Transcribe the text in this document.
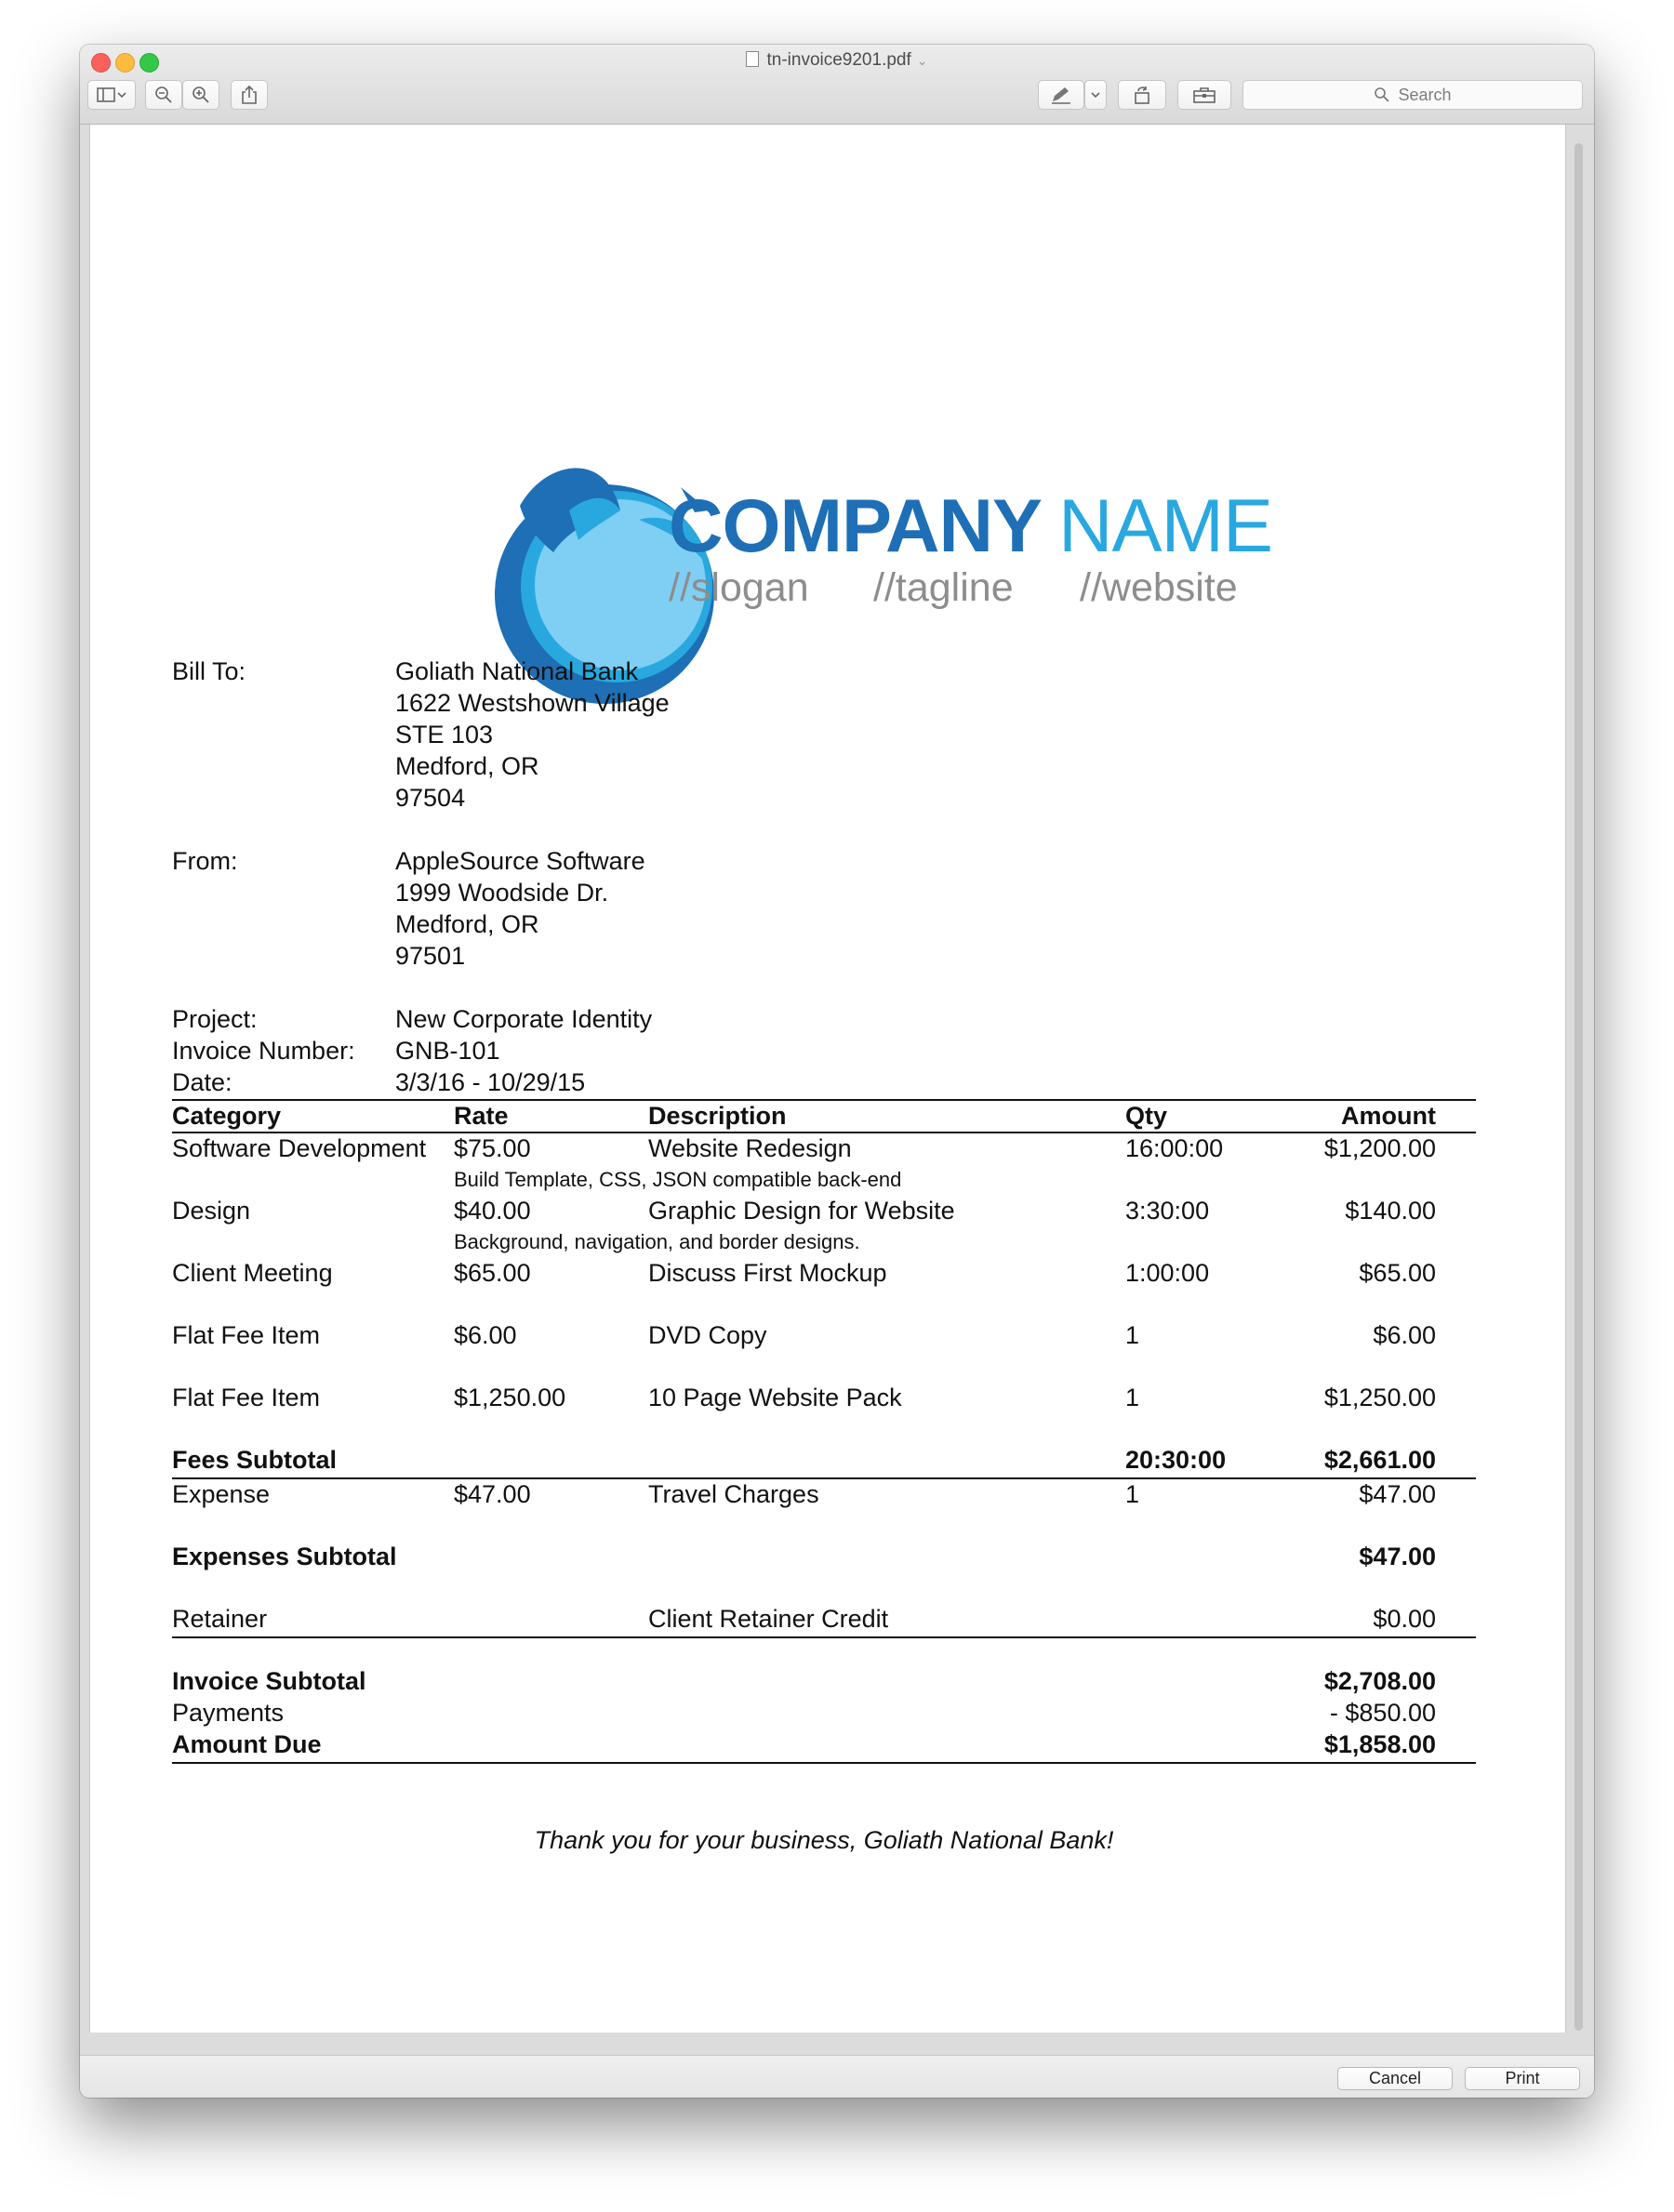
tn-invoice9201.pdf ⌄
Search
COMPANY NAME
//slogan //tagline //website
Bill To:	Goliath National Bank
1622 Westshown Village
STE 103
Medford, OR
97504
From:	AppleSource Software
1999 Woodside Dr.
Medford, OR
97501
Project:	New Corporate Identity
Invoice Number: GNB-101
Date:	3/3/16 - 10/29/15
Category	Rate	Description	Qty	Amount
Software Development $75.00	Website Redesign	16:00:00	$1,200.00
Build Template, CSS, JSON compatible back-end
Design	$40.00	Graphic Design for Website	3:30:00	$140.00
Background, navigation, and border designs.
Client Meeting	$65.00	Discuss First Mockup	1:00:00	$65.00
Flat Fee Item	$6.00	DVD Copy	1	$6.00
Flat Fee Item	$1,250.00	10 Page Website Pack	1	$1,250.00
Fees Subtotal	20:30:00	$2,661.00
Expense	$47.00	Travel Charges	1	$47.00
Expenses Subtotal	$47.00
Retainer	Client Retainer Credit	$0.00
Invoice Subtotal	$2,708.00
Payments	- $850.00
Amount Due	$1,858.00
Thank you for your business, Goliath National Bank!
Cancel	Print
